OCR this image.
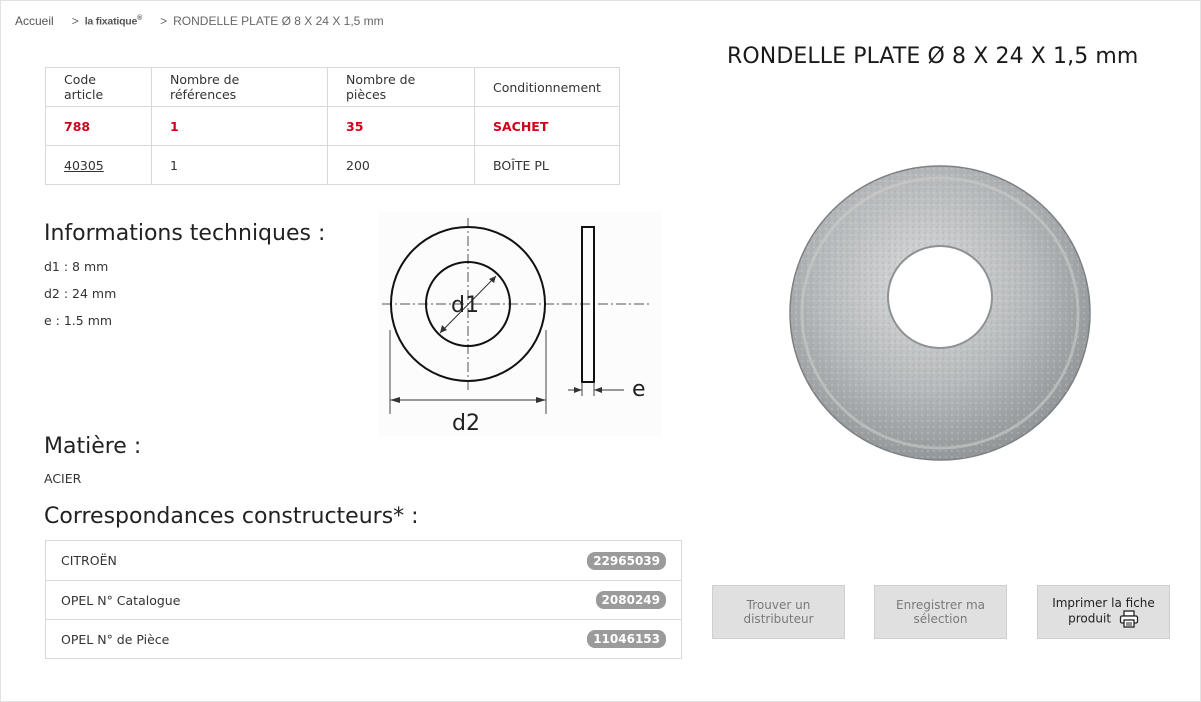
Accueil > la fixatique® > RONDELLE PLATE Ø 8 X 24 X 1,5 mm
RONDELLE PLATE Ø 8 X 24 X 1,5 mm
Code article	Nombre de références	Nombre de pièces	Conditionnement
788	1	35	SACHET
40305	1	200	BOÎTE PL
Informations techniques :
d1 : 8 mm
d2 : 24 mm
e : 1.5 mm
d1
d2
e
Matière :
ACIER
Correspondances constructeurs* :
CITROËN	22965039
OPEL N° Catalogue	2080249
OPEL N° de Pièce	11046153
Trouver un distributeur
Enregistrer ma sélection
Imprimer la fiche produit
